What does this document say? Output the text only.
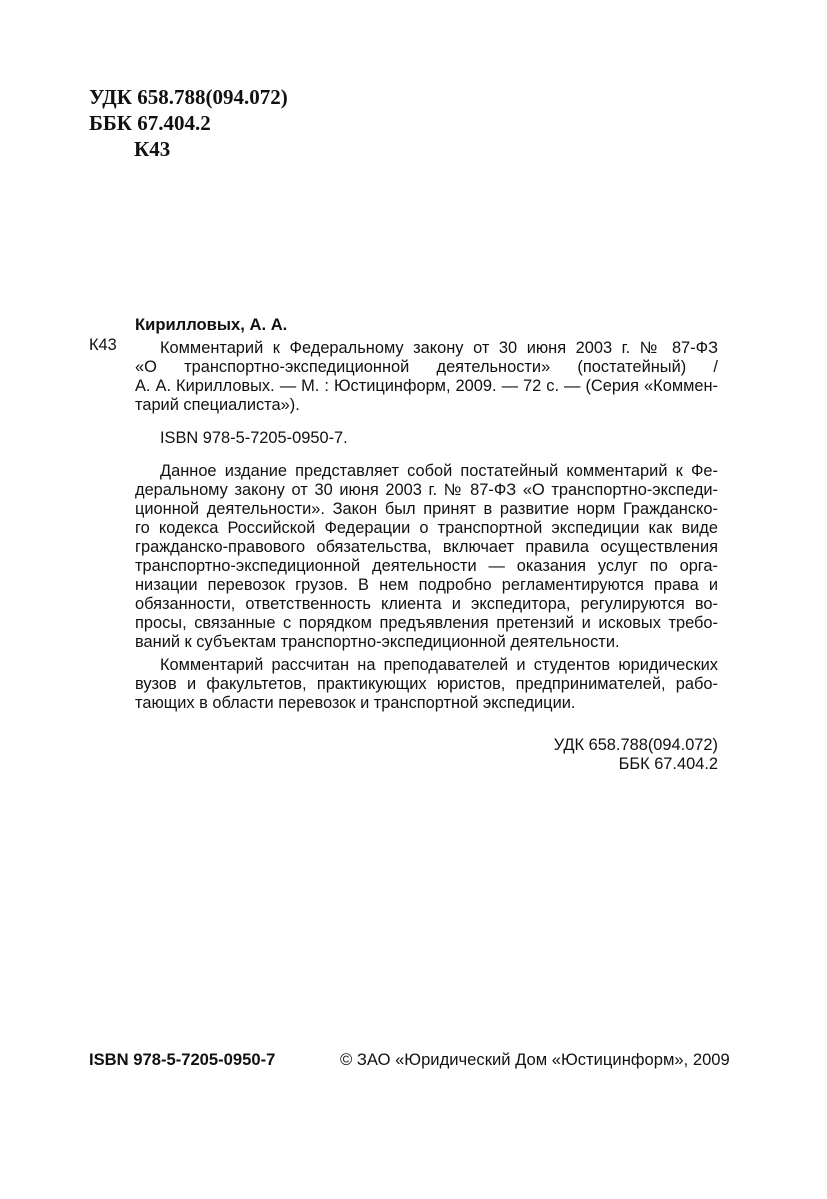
УДК 658.788(094.072)
ББК 67.404.2
К43
Кирилловых, А. А.
К43	Комментарий к Федеральному закону от 30 июня 2003 г. № 87-ФЗ
«О транспортно-экспедиционной деятельности» (постатейный) /
А. А. Кирилловых. — М. : Юстицинформ, 2009. — 72 с. — (Серия «Коммен-
тарий специалиста»).
ISBN 978-5-7205-0950-7.
Данное издание представляет собой постатейный комментарий к Фе-
деральному закону от 30 июня 2003 г. № 87-ФЗ «О транспортно-экспеди-
ционной деятельности». Закон был принят в развитие норм Гражданско-
го кодекса Российской Федерации о транспортной экспедиции как виде
гражданско-правового обязательства, включает правила осуществления
транспортно-экспедиционной деятельности — оказания услуг по орга-
низации перевозок грузов. В нем подробно регламентируются права и
обязанности, ответственность клиента и экспедитора, регулируются во-
просы, связанные с порядком предъявления претензий и исковых требо-
ваний к субъектам транспортно-экспедиционной деятельности.
Комментарий рассчитан на преподавателей и студентов юридических
вузов и факультетов, практикующих юристов, предпринимателей, рабо-
тающих в области перевозок и транспортной экспедиции.
УДК 658.788(094.072)
ББК 67.404.2
ISBN 978-5-7205-0950-7	© ЗАО «Юридический Дом «Юстицинформ», 2009
